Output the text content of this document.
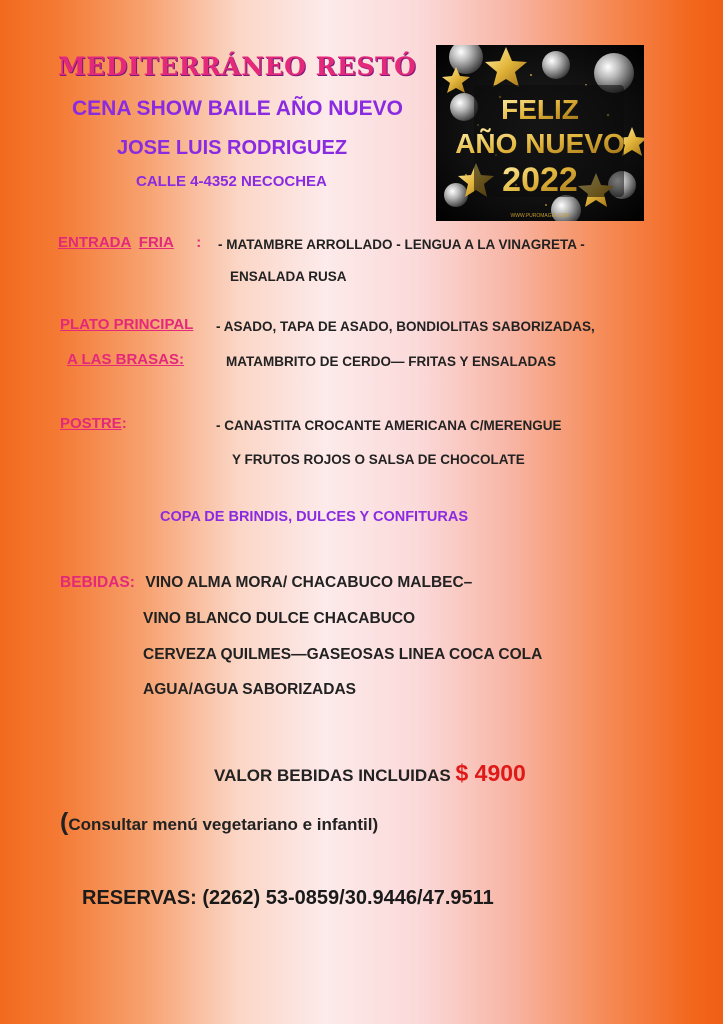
MEDITERRÁNEO RESTÓ
CENA SHOW BAILE AÑO NUEVO
JOSE LUIS RODRIGUEZ
CALLE 4-4352 NECOCHEA
FELIZ
AÑO NUEVO
2022
WWW.PUROMAGIA.COM
ENTRADA FRIA : - MATAMBRE ARROLLADO - LENGUA A LA VINAGRETA -
ENSALADA RUSA
PLATO PRINCIPAL - ASADO, TAPA DE ASADO, BONDIOLITAS SABORIZADAS,
A LAS BRASAS:	MATAMBRITO DE CERDO— FRITAS Y ENSALADAS
POSTRE:	- CANASTITA CROCANTE AMERICANA C/MERENGUE
Y FRUTOS ROJOS O SALSA DE CHOCOLATE
COPA DE BRINDIS, DULCES Y CONFITURAS
BEBIDAS: VINO ALMA MORA/ CHACABUCO MALBEC–
VINO BLANCO DULCE CHACABUCO
CERVEZA QUILMES—GASEOSAS LINEA COCA COLA
AGUA/AGUA SABORIZADAS
VALOR BEBIDAS INCLUIDAS $ 4900
(Consultar menú vegetariano e infantil)
RESERVAS: (2262) 53-0859/30.9446/47.9511
